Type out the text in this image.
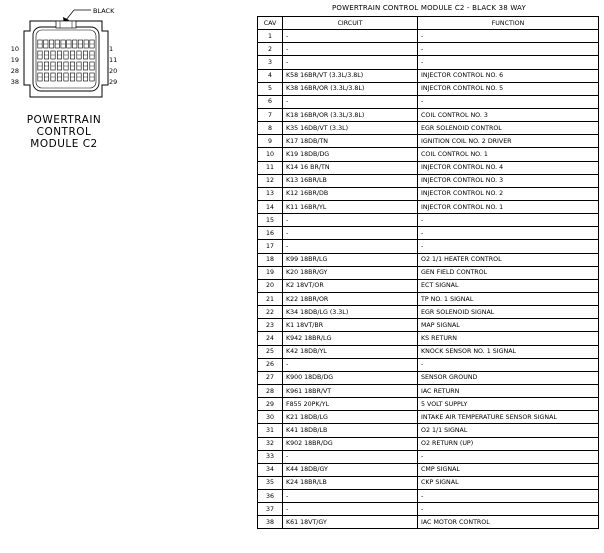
BLACK
10
19
28
38
1
11
20
29
POWERTRAIN
CONTROL
MODULE C2
POWERTRAIN CONTROL MODULE C2 - BLACK 38 WAY
CAV	CIRCUIT	FUNCTION
1	-	-
2	-	-
3	-	-
4	K58 16BR/VT (3.3L/3.8L)	INJECTOR CONTROL NO. 6
5	K38 16BR/OR (3.3L/3.8L)	INJECTOR CONTROL NO. 5
6	-	-
7	K18 16BR/OR (3.3L/3.8L)	COIL CONTROL NO. 3
8	K35 16DB/VT (3.3L)	EGR SOLENOID CONTROL
9	K17 18DB/TN	IGNITION COIL NO. 2 DRIVER
10	K19 18DB/DG	COIL CONTROL NO. 1
11	K14 16 BR/TN	INJECTOR CONTROL NO. 4
12	K13 16BR/LB	INJECTOR CONTROL NO. 3
13	K12 16BR/DB	INJECTOR CONTROL NO. 2
14	K11 16BR/YL	INJECTOR CONTROL NO. 1
15	-	-
16	-	-
17	-	-
18	K99 18BR/LG	O2 1/1 HEATER CONTROL
19	K20 18BR/GY	GEN FIELD CONTROL
20	K2 18VT/OR	ECT SIGNAL
21	K22 18BR/OR	TP NO. 1 SIGNAL
22	K34 18DB/LG (3.3L)	EGR SOLENOID SIGNAL
23	K1 18VT/BR	MAP SIGNAL
24	K942 18BR/LG	KS RETURN
25	K42 18DB/YL	KNOCK SENSOR NO. 1 SIGNAL
26	-	-
27	K900 18DB/DG	SENSOR GROUND
28	K961 18BR/VT	IAC RETURN
29	F855 20PK/YL	5 VOLT SUPPLY
30	K21 18DB/LG	INTAKE AIR TEMPERATURE SENSOR SIGNAL
31	K41 18DB/LB	O2 1/1 SIGNAL
32	K902 18BR/DG	O2 RETURN (UP)
33	-	-
34	K44 18DB/GY	CMP SIGNAL
35	K24 18BR/LB	CKP SIGNAL
36	-	-
37	-	-
38	K61 18VT/GY	IAC MOTOR CONTROL
